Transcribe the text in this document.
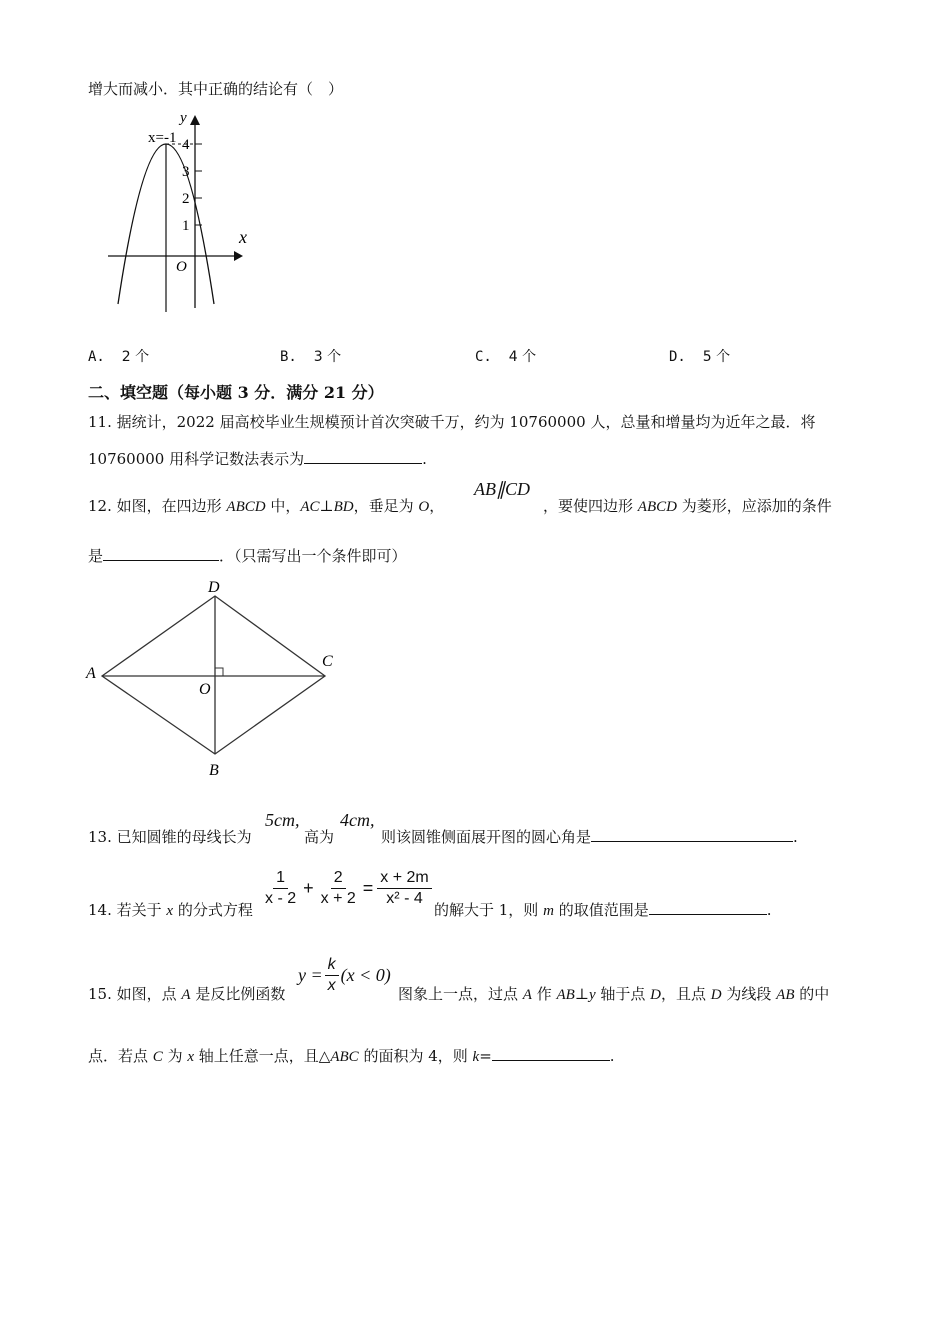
增大而减小．其中正确的结论有（　）
y
x
O
x=-1 4
3
2
1
A. 2 个	B. 3 个	C. 4 个	D. 5 个
二、填空题（每小题 3 分．满分 21 分）
11. 据统计，2022 届高校毕业生规模预计首次突破千万，约为 10760000 人，总量和增量均为近年之最．将
10760000 用科学记数法表示为	.
12. 如图，在四边形 ABCD 中，AC⊥BD，垂足为 O，
AB∥CD
，要使四边形 ABCD 为菱形，应添加的条件
是	．（只需写出一个条件即可）
A
D
C
B
O
13. 已知圆锥的母线长为
5cm,
高为
4cm,
则该圆锥侧面展开图的圆心角是	.
14. 若关于 x 的分式方程
$\frac{1}{x - 2} + \frac{2}{x + 2} = \frac{x + 2m}{\text{x² - 4}}$
的解大于 1，则 m 的取值范围是	.
15. 如图，点 A 是反比例函数
$y = \frac{k}{x} (x < 0)$
图象上一点，过点 A 作 AB⊥y 轴于点 D，且点 D 为线段 AB 的中
点．若点 C 为 x 轴上任意一点，且△ABC 的面积为 4，则 k=	.
